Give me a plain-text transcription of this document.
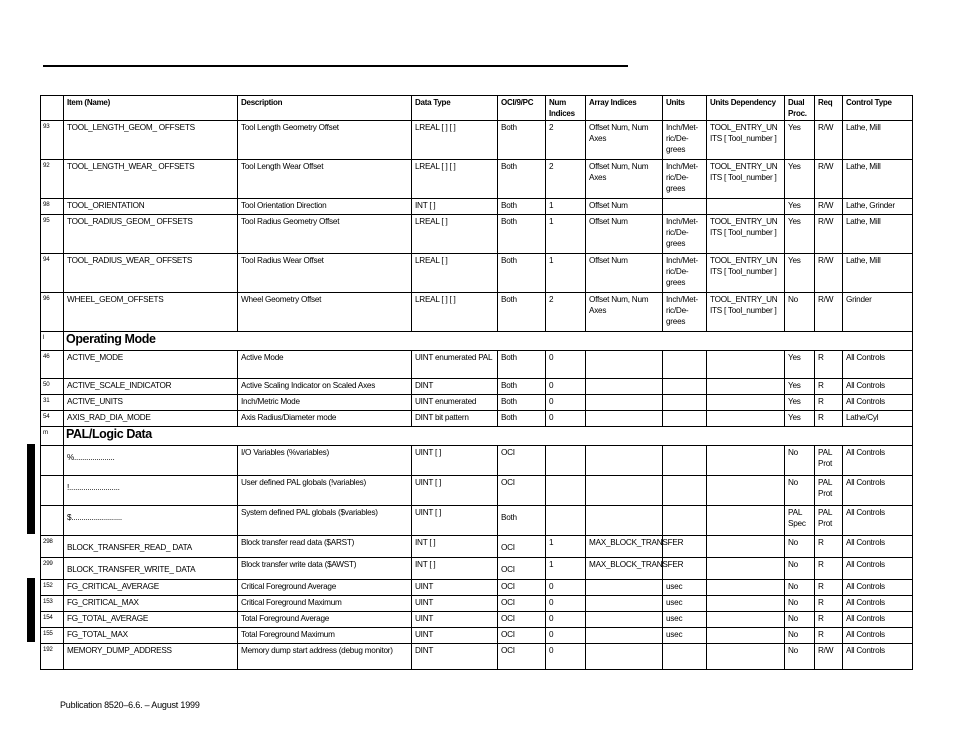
	Item (Name)	Description	Data Type	OCI/9/PC	Num Indices	Array Indices	Units	Units Dependency	Dual Proc.	Req	Control Type
93	TOOL_LENGTH_GEOM_ OFFSETS	Tool Length Geometry Offset	LREAL [ ] [ ]	Both	2	Offset Num, Num Axes	Inch/Met-ric/De-grees	TOOL_ENTRY_UN ITS [ Tool_number ]	Yes	R/W	Lathe, Mill
92	TOOL_LENGTH_WEAR_ OFFSETS	Tool Length Wear Offset	LREAL [ ] [ ]	Both	2	Offset Num, Num Axes	Inch/Met-ric/De-grees	TOOL_ENTRY_UN ITS [ Tool_number ]	Yes	R/W	Lathe, Mill
98	TOOL_ORIENTATION	Tool Orientation Direction	INT [ ]	Both	1	Offset Num			Yes	R/W	Lathe, Grinder
95	TOOL_RADIUS_GEOM_ OFFSETS	Tool Radius Geometry Offset	LREAL [ ]	Both	1	Offset Num	Inch/Met-ric/De-grees	TOOL_ENTRY_UN ITS [ Tool_number ]	Yes	R/W	Lathe, Mill
94	TOOL_RADIUS_WEAR_ OFFSETS	Tool Radius Wear Offset	LREAL [ ]	Both	1	Offset Num	Inch/Met-ric/De-grees	TOOL_ENTRY_UN ITS [ Tool_number ]	Yes	R/W	Lathe, Mill
96	WHEEL_GEOM_OFFSETS	Wheel Geometry Offset	LREAL [ ] [ ]	Both	2	Offset Num, Num Axes	Inch/Met-ric/De-grees	TOOL_ENTRY_UN ITS [ Tool_number ]	No	R/W	Grinder
l	Operating Mode										
46	ACTIVE_MODE	Active Mode	UINT enumerated PAL	Both	0				Yes	R	All Controls
50	ACTIVE_SCALE_INDICATOR	Active Scaling Indicator on Scaled Axes	DINT	Both	0				Yes	R	All Controls
31	ACTIVE_UNITS	Inch/Metric Mode	UINT enumerated	Both	0				Yes	R	All Controls
54	AXIS_RAD_DIA_MODE	Axis Radius/Diameter mode	DINT bit pattern	Both	0				Yes	R	Lathe/Cyl
m	PAL/Logic Data										
	%....................	I/O Variables (%variables)	UINT [ ]	OCI					No	PAL Prot	All Controls
	!.........................	User defined PAL globals (!variables)	UINT [ ]	OCI					No	PAL Prot	All Controls
	$.........................	System defined PAL globals ($variables)	UINT [ ]	Both					PAL Spec	PAL Prot	All Controls
298	BLOCK_TRANSFER_READ_ DATA	Block transfer read data ($ARST)	INT [ ]	OCI	1	MAX_BLOCK_TRANSFER			No	R	All Controls
299	BLOCK_TRANSFER_WRITE_ DATA	Block transfer write data ($AWST)	INT [ ]	OCI	1	MAX_BLOCK_TRANSFER			No	R	All Controls
152	FG_CRITICAL_AVERAGE	Critical Foreground Average	UINT	OCI	0		usec		No	R	All Controls
153	FG_CRITICAL_MAX	Critical Foreground Maximum	UINT	OCI	0		usec		No	R	All Controls
154	FG_TOTAL_AVERAGE	Total Foreground Average	UINT	OCI	0		usec		No	R	All Controls
155	FG_TOTAL_MAX	Total Foreground Maximum	UINT	OCI	0		usec		No	R	All Controls
192	MEMORY_DUMP_ADDRESS	Memory dump start address (debug monitor)	DINT	OCI	0				No	R/W	All Controls
Publication 8520–6.6. – August 1999
